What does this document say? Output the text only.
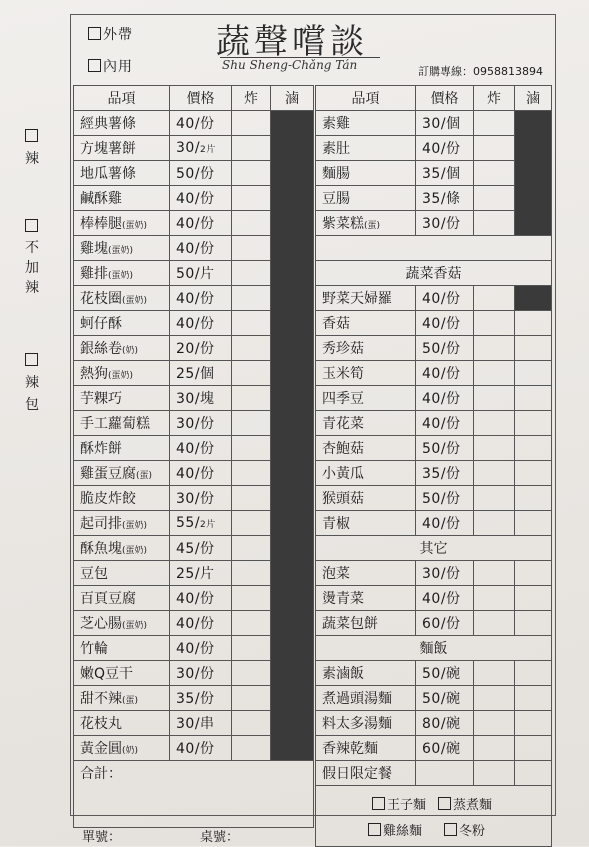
外帶
內用
蔬聲嚐談
Shu Sheng-Chǎng Tán	訂購專線：0958813894

辣

不加辣

辣包
品項	價格	炸	滷
經典薯條	40/份		
方塊薯餅	30/2片		
地瓜薯條	50/份		
鹹酥雞	40/份		
棒棒腿(蛋奶)	40/份		
雞塊(蛋奶)	40/份		
雞排(蛋奶)	50/片		
花枝圈(蛋奶)	40/份		
蚵仔酥	40/份		
銀絲卷(奶)	20/份		
熱狗(蛋奶)	25/個		
芋粿巧	30/塊		
手工蘿蔔糕	30/份		
酥炸餅	40/份		
雞蛋豆腐(蛋)	40/份		
脆皮炸餃	30/份		
起司排(蛋奶)	55/2片		
酥魚塊(蛋奶)	45/份		
豆包	25/片		
百頁豆腐	40/份		
芝心腸(蛋奶)	40/份		
竹輪	40/份		
嫩Q豆干	30/份		
甜不辣(蛋)	35/份		
花枝丸	30/串		
黃金圓(奶)	40/份		
合計：			
品項	價格	炸	滷
素雞	30/個		
素肚	40/份		
麵腸	35/個		
豆腸	35/條		
紫菜糕(蛋)	30/份		

蔬菜香菇			
野菜天婦羅	40/份		
香菇	40/份		
秀珍菇	50/份		
玉米筍	40/份		
四季豆	40/份		
青花菜	40/份		
杏鮑菇	50/份		
小黃瓜	35/份		
猴頭菇	50/份		
青椒	40/份		
其它			
泡菜	30/份		
燙青菜	40/份		
蔬菜包餅	60/份		
麵飯			
素滷飯	50/碗		
煮過頭湯麵	50/碗		
料太多湯麵	80/碗		
香辣乾麵	60/碗		
假日限定餐			

王子麵 蒸煮麵
雞絲麵 冬粉			
單號：	桌號：
